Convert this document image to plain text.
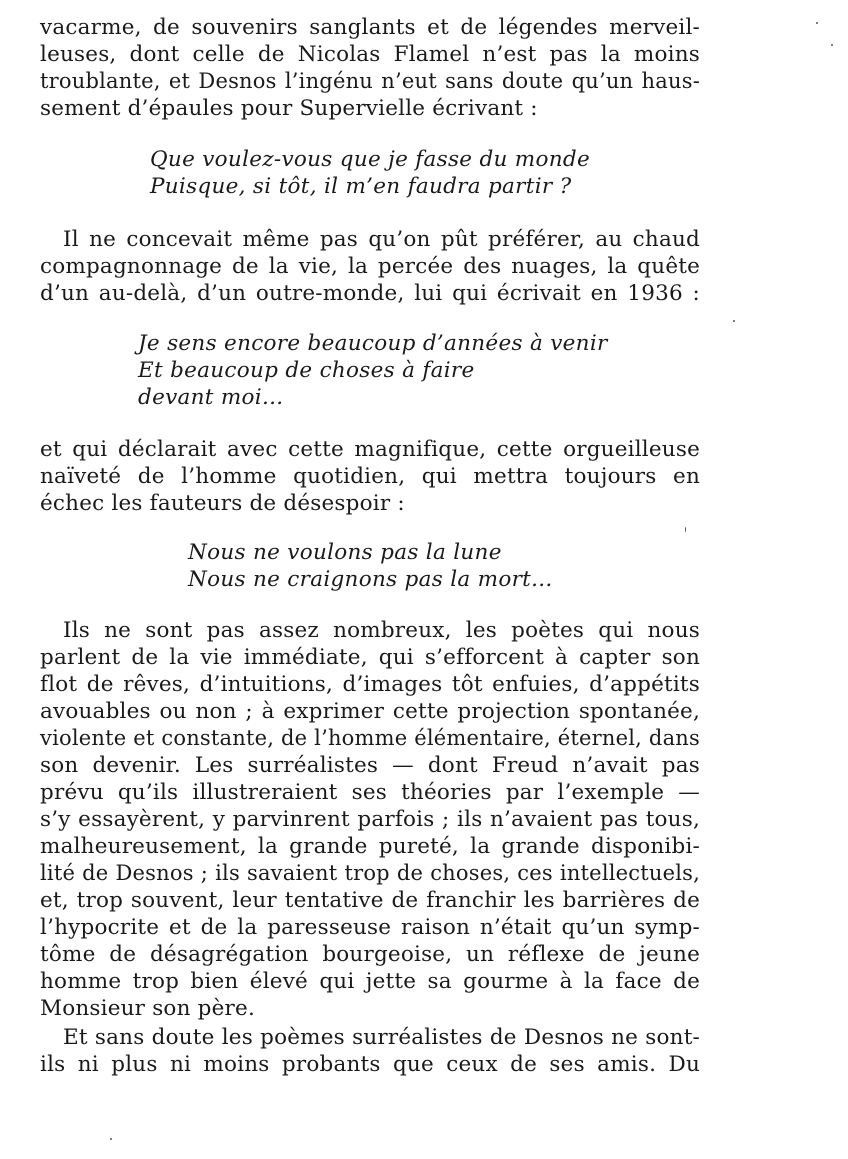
vacarme, de souvenirs sanglants et de légendes merveil-
leuses, dont celle de Nicolas Flamel n’est pas la moins
troublante, et Desnos l’ingénu n’eut sans doute qu’un haus-
sement d’épaules pour Supervielle écrivant :
Que voulez-vous que je fasse du monde
Puisque, si tôt, il m’en faudra partir ?
Il ne concevait même pas qu’on pût préférer, au chaud
compagnonnage de la vie, la percée des nuages, la quête
d’un au-delà, d’un outre-monde, lui qui écrivait en 1936 :
Je sens encore beaucoup d’années à venir
Et beaucoup de choses à faire
devant moi...
et qui déclarait avec cette magnifique, cette orgueilleuse
naïveté de l’homme quotidien, qui mettra toujours en
échec les fauteurs de désespoir :
Nous ne voulons pas la lune
Nous ne craignons pas la mort...
Ils ne sont pas assez nombreux, les poètes qui nous
parlent de la vie immédiate, qui s’efforcent à capter son
flot de rêves, d’intuitions, d’images tôt enfuies, d’appétits
avouables ou non ; à exprimer cette projection spontanée,
violente et constante, de l’homme élémentaire, éternel, dans
son devenir. Les surréalistes — dont Freud n’avait pas
prévu qu’ils illustreraient ses théories par l’exemple —
s’y essayèrent, y parvinrent parfois ; ils n’avaient pas tous,
malheureusement, la grande pureté, la grande disponibi-
lité de Desnos ; ils savaient trop de choses, ces intellectuels,
et, trop souvent, leur tentative de franchir les barrières de
l’hypocrite et de la paresseuse raison n’était qu’un symp-
tôme de désagrégation bourgeoise, un réflexe de jeune
homme trop bien élevé qui jette sa gourme à la face de
Monsieur son père.
Et sans doute les poèmes surréalistes de Desnos ne sont-
ils ni plus ni moins probants que ceux de ses amis. Du
